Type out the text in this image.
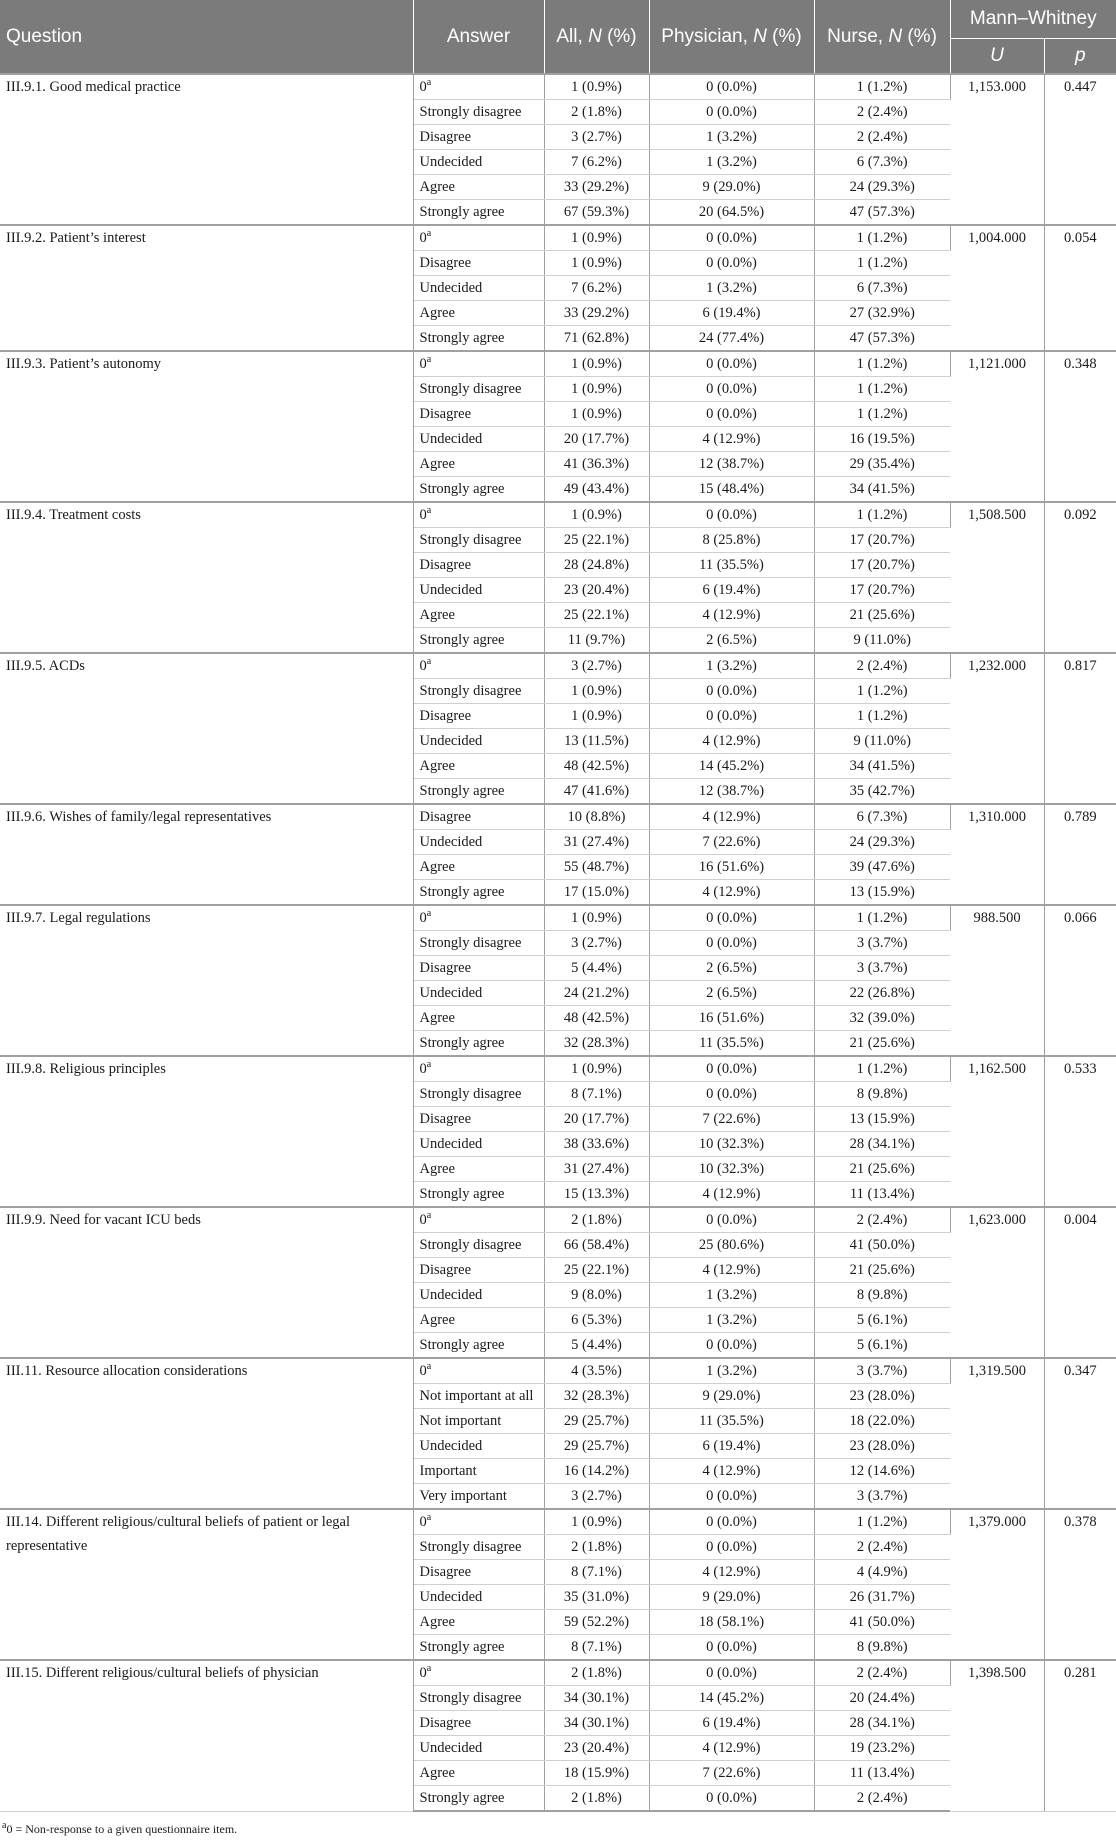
Question	Answer	All, N (%)	Physician, N (%)	Nurse, N (%)	Mann–Whitney	
					U	p
III.9.1. Good medical practice	0$^a$	1 (0.9%)	0 (0.0%)	1 (1.2%)	1,153.000	0.447
	Strongly disagree	2 (1.8%)	0 (0.0%)	2 (2.4%)		
	Disagree	3 (2.7%)	1 (3.2%)	2 (2.4%)		
	Undecided	7 (6.2%)	1 (3.2%)	6 (7.3%)		
	Agree	33 (29.2%)	9 (29.0%)	24 (29.3%)		
	Strongly agree	67 (59.3%)	20 (64.5%)	47 (57.3%)		
III.9.2. Patient’s interest	0$^a$	1 (0.9%)	0 (0.0%)	1 (1.2%)	1,004.000	0.054
	Disagree	1 (0.9%)	0 (0.0%)	1 (1.2%)		
	Undecided	7 (6.2%)	1 (3.2%)	6 (7.3%)		
	Agree	33 (29.2%)	6 (19.4%)	27 (32.9%)		
	Strongly agree	71 (62.8%)	24 (77.4%)	47 (57.3%)		
III.9.3. Patient’s autonomy	0$^a$	1 (0.9%)	0 (0.0%)	1 (1.2%)	1,121.000	0.348
	Strongly disagree	1 (0.9%)	0 (0.0%)	1 (1.2%)		
	Disagree	1 (0.9%)	0 (0.0%)	1 (1.2%)		
	Undecided	20 (17.7%)	4 (12.9%)	16 (19.5%)		
	Agree	41 (36.3%)	12 (38.7%)	29 (35.4%)		
	Strongly agree	49 (43.4%)	15 (48.4%)	34 (41.5%)		
III.9.4. Treatment costs	0$^a$	1 (0.9%)	0 (0.0%)	1 (1.2%)	1,508.500	0.092
	Strongly disagree	25 (22.1%)	8 (25.8%)	17 (20.7%)		
	Disagree	28 (24.8%)	11 (35.5%)	17 (20.7%)		
	Undecided	23 (20.4%)	6 (19.4%)	17 (20.7%)		
	Agree	25 (22.1%)	4 (12.9%)	21 (25.6%)		
	Strongly agree	11 (9.7%)	2 (6.5%)	9 (11.0%)		
III.9.5. ACDs	0$^a$	3 (2.7%)	1 (3.2%)	2 (2.4%)	1,232.000	0.817
	Strongly disagree	1 (0.9%)	0 (0.0%)	1 (1.2%)		
	Disagree	1 (0.9%)	0 (0.0%)	1 (1.2%)		
	Undecided	13 (11.5%)	4 (12.9%)	9 (11.0%)		
	Agree	48 (42.5%)	14 (45.2%)	34 (41.5%)		
	Strongly agree	47 (41.6%)	12 (38.7%)	35 (42.7%)		
III.9.6. Wishes of family/legal representatives	Disagree	10 (8.8%)	4 (12.9%)	6 (7.3%)	1,310.000	0.789
	Undecided	31 (27.4%)	7 (22.6%)	24 (29.3%)		
	Agree	55 (48.7%)	16 (51.6%)	39 (47.6%)		
	Strongly agree	17 (15.0%)	4 (12.9%)	13 (15.9%)		
III.9.7. Legal regulations	0$^a$	1 (0.9%)	0 (0.0%)	1 (1.2%)	988.500	0.066
	Strongly disagree	3 (2.7%)	0 (0.0%)	3 (3.7%)		
	Disagree	5 (4.4%)	2 (6.5%)	3 (3.7%)		
	Undecided	24 (21.2%)	2 (6.5%)	22 (26.8%)		
	Agree	48 (42.5%)	16 (51.6%)	32 (39.0%)		
	Strongly agree	32 (28.3%)	11 (35.5%)	21 (25.6%)		
III.9.8. Religious principles	0$^a$	1 (0.9%)	0 (0.0%)	1 (1.2%)	1,162.500	0.533
	Strongly disagree	8 (7.1%)	0 (0.0%)	8 (9.8%)		
	Disagree	20 (17.7%)	7 (22.6%)	13 (15.9%)		
	Undecided	38 (33.6%)	10 (32.3%)	28 (34.1%)		
	Agree	31 (27.4%)	10 (32.3%)	21 (25.6%)		
	Strongly agree	15 (13.3%)	4 (12.9%)	11 (13.4%)		
III.9.9. Need for vacant ICU beds	0$^a$	2 (1.8%)	0 (0.0%)	2 (2.4%)	1,623.000	0.004
	Strongly disagree	66 (58.4%)	25 (80.6%)	41 (50.0%)		
	Disagree	25 (22.1%)	4 (12.9%)	21 (25.6%)		
	Undecided	9 (8.0%)	1 (3.2%)	8 (9.8%)		
	Agree	6 (5.3%)	1 (3.2%)	5 (6.1%)		
	Strongly agree	5 (4.4%)	0 (0.0%)	5 (6.1%)		
III.11. Resource allocation considerations	0$^a$	4 (3.5%)	1 (3.2%)	3 (3.7%)	1,319.500	0.347
	Not important at all	32 (28.3%)	9 (29.0%)	23 (28.0%)		
	Not important	29 (25.7%)	11 (35.5%)	18 (22.0%)		
	Undecided	29 (25.7%)	6 (19.4%)	23 (28.0%)		
	Important	16 (14.2%)	4 (12.9%)	12 (14.6%)		
	Very important	3 (2.7%)	0 (0.0%)	3 (3.7%)		
III.14. Different religious/cultural beliefs of patient or legal representative	0$^a$	1 (0.9%)	0 (0.0%)	1 (1.2%)	1,379.000	0.378
	Strongly disagree	2 (1.8%)	0 (0.0%)	2 (2.4%)		
	Disagree	8 (7.1%)	4 (12.9%)	4 (4.9%)		
	Undecided	35 (31.0%)	9 (29.0%)	26 (31.7%)		
	Agree	59 (52.2%)	18 (58.1%)	41 (50.0%)		
	Strongly agree	8 (7.1%)	0 (0.0%)	8 (9.8%)		
III.15. Different religious/cultural beliefs of physician	0$^a$	2 (1.8%)	0 (0.0%)	2 (2.4%)	1,398.500	0.281
	Strongly disagree	34 (30.1%)	14 (45.2%)	20 (24.4%)		
	Disagree	34 (30.1%)	6 (19.4%)	28 (34.1%)		
	Undecided	23 (20.4%)	4 (12.9%)	19 (23.2%)		
	Agree	18 (15.9%)	7 (22.6%)	11 (13.4%)		
	Strongly agree	2 (1.8%)	0 (0.0%)	2 (2.4%)		
$^a$0 = Non-response to a given questionnaire item.
